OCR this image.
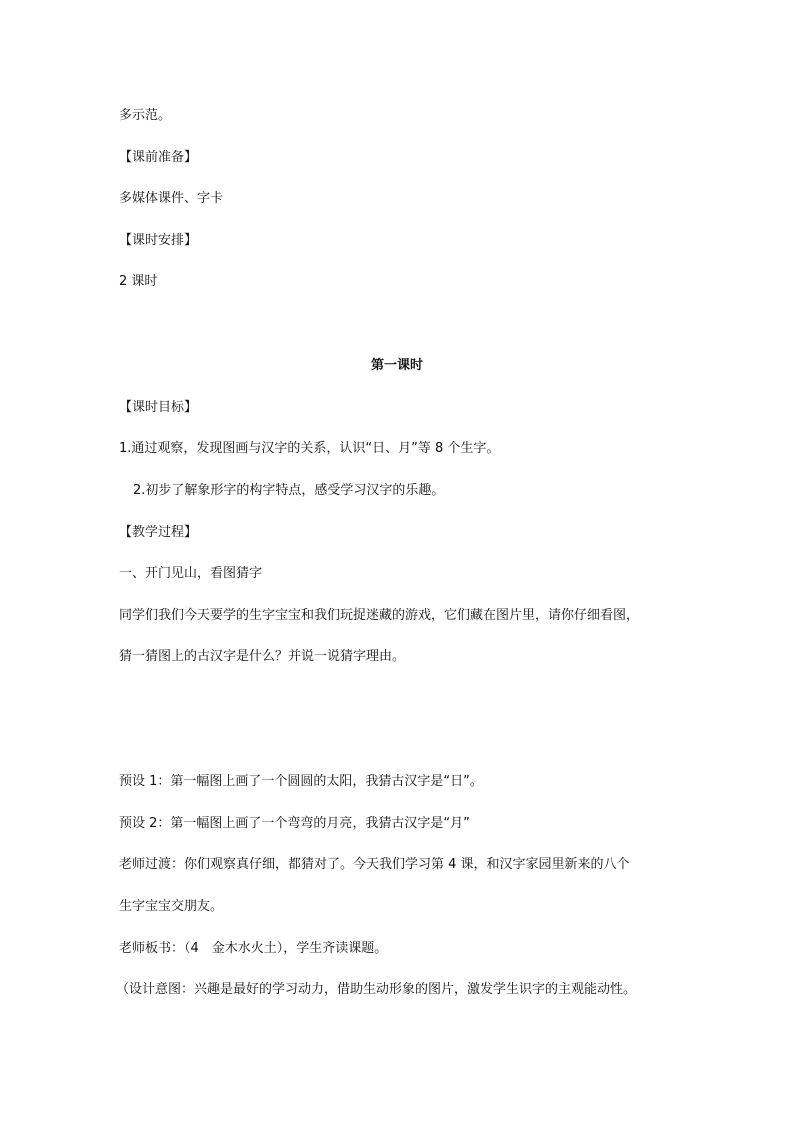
多示范。
【课前准备】
多媒体课件、字卡
【课时安排】
2 课时
第一课时
【课时目标】
1.通过观察，发现图画与汉字的关系，认识“日、月”等 8 个生字。
2.初步了解象形字的构字特点，感受学习汉字的乐趣。
【教学过程】
一、开门见山，看图猜字
同学们我们今天要学的生字宝宝和我们玩捉迷藏的游戏，它们藏在图片里，请你仔细看图，
猜一猜图上的古汉字是什么？并说一说猜字理由。
预设 1：第一幅图上画了一个圆圆的太阳，我猜古汉字是“日”。
预设 2：第一幅图上画了一个弯弯的月亮，我猜古汉字是“月”
老师过渡：你们观察真仔细，都猜对了。今天我们学习第 4 课，和汉字家园里新来的八个
生字宝宝交朋友。
老师板书：（4　金木水火土），学生齐读课题。
（设计意图：兴趣是最好的学习动力，借助生动形象的图片，激发学生识字的主观能动性。
